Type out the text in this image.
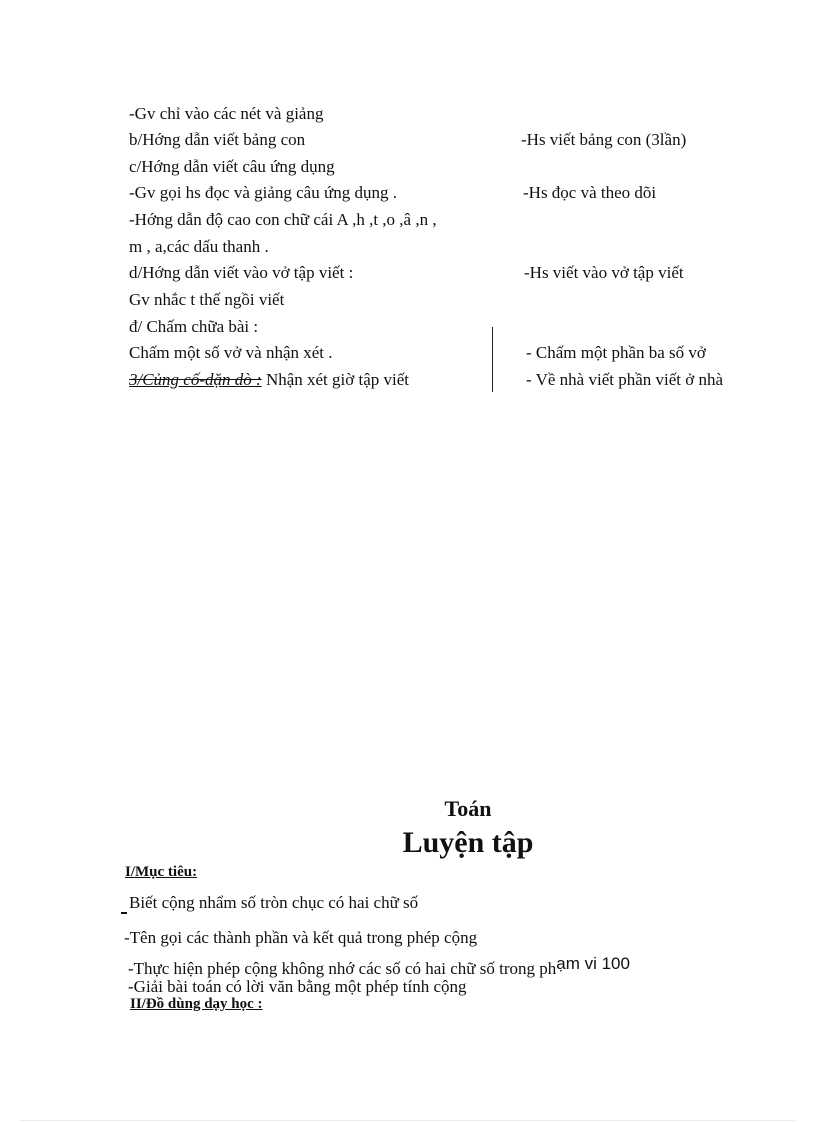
-Gv chỉ vào các nét và giảng
b/Hớng dẫn viết bảng con
c/Hớng dẫn viết câu ứng dụng
-Gv gọi hs đọc và giảng câu ứng dụng .
-Hớng dẫn độ cao con chữ cái A ,h ,t ,o ,â ,n ,
m , a,các dấu thanh .
d/Hớng dẫn viết vào vở tập viết :
Gv nhắc t thế ngồi viết
đ/ Chấm chữa bài :
Chấm một số vở và nhận xét .
3/Củng cố-dặn dò : Nhận xét giờ tập viết
-Hs viết bảng con (3lần)
-Hs đọc và theo dõi
-Hs viết vào vở tập viết
- Chấm một phần ba số vở
- Về nhà viết phần viết ở nhà
Toán
Luyện tập
I/Mục tiêu:
Biết cộng nhẩm số tròn chục có hai chữ số
-Tên gọi các thành phần và kết quả trong phép cộng
-Thực hiện phép cộng không nhớ các số có hai chữ số trong phạm vi 100
-Giải bài toán có lời văn bằng một phép tính cộng
II/Đồ dùng dạy học :
